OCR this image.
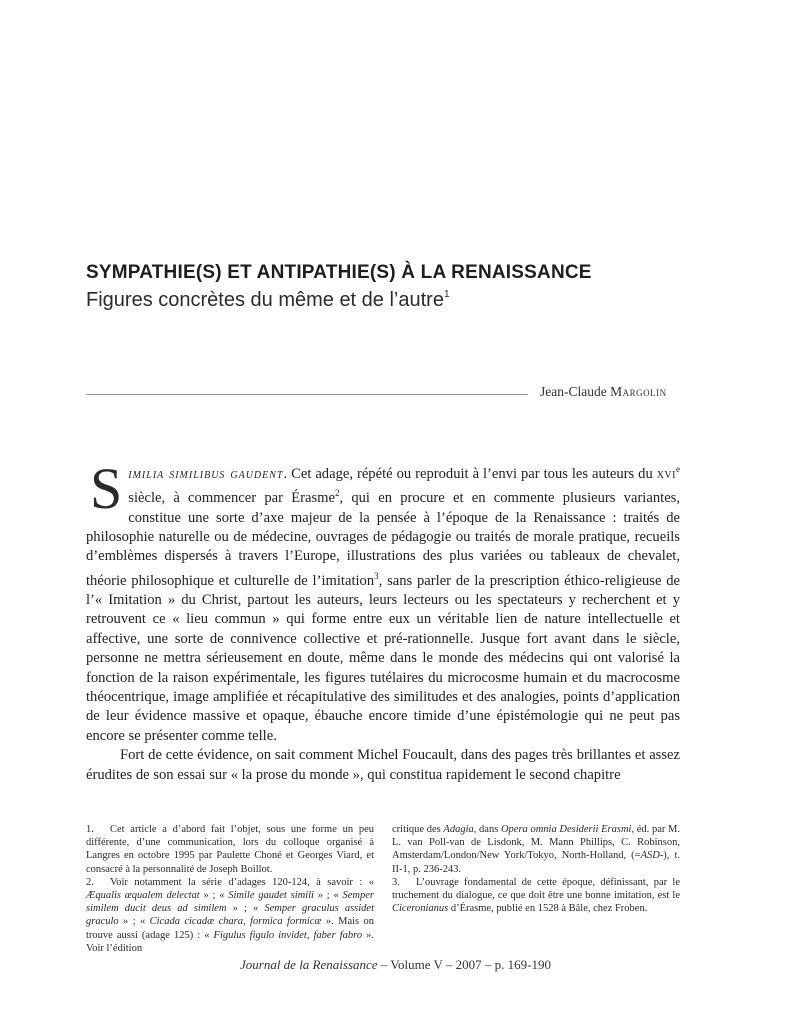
SYMPATHIE(S) ET ANTIPATHIE(S) À LA RENAISSANCE
Figures concrètes du même et de l’autre$^1$
Jean-Claude Margolin

Similia similibus gaudent. Cet adage, répété ou reproduit à l’envi par tous les auteurs du xvi$^e$ siècle, à commencer par Érasme$^2$, qui en procure et en commente plusieurs variantes, constitue une sorte d’axe majeur de la pensée à l’époque de la Renaissance : traités de philosophie naturelle ou de médecine, ouvrages de pédagogie ou traités de morale pratique, recueils d’emblèmes dispersés à travers l’Europe, illustrations des plus variées ou tableaux de chevalet, théorie philosophique et culturelle de l’imitation$^3$, sans parler de la prescription éthico-religieuse de l’« Imitation » du Christ, partout les auteurs, leurs lecteurs ou les spectateurs y recherchent et y retrouvent ce « lieu commun » qui forme entre eux un véritable lien de nature intellectuelle et affective, une sorte de connivence collective et pré-rationnelle. Jusque fort avant dans le siècle, personne ne mettra sérieusement en doute, même dans le monde des médecins qui ont valorisé la fonction de la raison expérimentale, les figures tutélaires du microcosme humain et du macrocosme théocentrique, image amplifiée et récapitulative des similitudes et des analogies, points d’application de leur évidence massive et opaque, ébauche encore timide d’une épistémologie qui ne peut pas encore se présenter comme telle.

Fort de cette évidence, on sait comment Michel Foucault, dans des pages très brillantes et assez érudites de son essai sur « la prose du monde », qui constitua rapidement le second chapitre

1. Cet article a d’abord fait l’objet, sous une forme un peu différente, d’une communication, lors du colloque organisé à Langres en octobre 1995 par Paulette Choné et Georges Viard, et consacré à la personnalité de Joseph Boillot.

2. Voir notamment la série d’adages 120-124, à savoir : « Æqualis æqualem delectat » ; « Simile gaudet simili » ; « Semper similem ducit deus ad similem » ; « Semper graculus assidet graculo » ; « Cicada cicadæ chara, formica formicæ ». Mais on trouve aussi (adage 125) : « Figulus figulo invidet, faber fabro ». Voir l’édition

critique des Adagia, dans Opera omnia Desiderii Erasmi, éd. par M. L. van Poll-van de Lisdonk, M. Mann Phillips, C. Robinson, Amsterdam/London/New York/Tokyo, North-Holland, (=ASD-), t. II-1, p. 236-243.

3. L’ouvrage fondamental de cette époque, définissant, par le truchement du dialogue, ce que doit être une bonne imitation, est le Ciceronianus d’Érasme, publié en 1528 à Bâle, chez Froben.

Journal de la Renaissance – Volume V – 2007 – p. 169-190
